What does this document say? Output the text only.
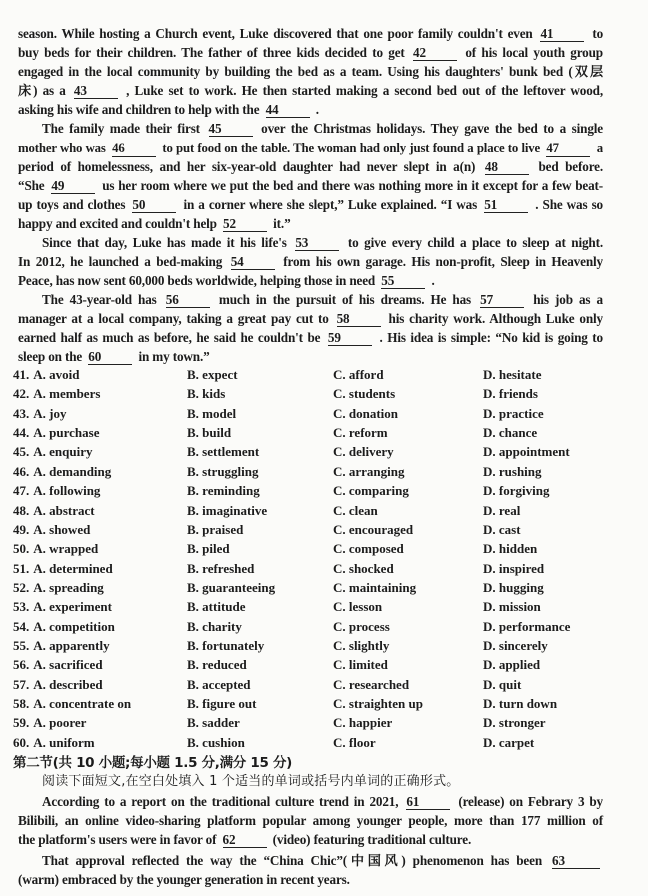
season. While hosting a Church event, Luke discovered that one poor family couldn't even 41	to
buy beds for their children. The father of three kids decided to get 42	of his local youth group
engaged in the local community by building the bed as a team. Using his daughters' bunk bed (双层
床) as a 43	, Luke set to work. He then started making a second bed out of the leftover wood,
asking his wife and children to help with the 44	.
The family made their first 45	over the Christmas holidays. They gave the bed to a single
mother who was 46	to put food on the table. The woman had only just found a place to live 47	a
period of homelessness, and her six-year-old daughter had never slept in a(n) 48	bed before.
“She 49	us her room where we put the bed and there was nothing more in it except for a few beat-
up toys and clothes 50	in a corner where she slept,” Luke explained. “I was 51	. She was so
happy and excited and couldn't help 52	it.”
Since that day, Luke has made it his life's 53	to give every child a place to sleep at night.
In 2012, he launched a bed-making 54	from his own garage. His non-profit, Sleep in Heavenly
Peace, has now sent 60,000 beds worldwide, helping those in need 55	.
The 43-year-old has 56	much in the pursuit of his dreams. He has 57	his job as a
manager at a local company, taking a great pay cut to 58	his charity work. Although Luke only
earned half as much as before, he said he couldn't be 59	. His idea is simple: “No kid is going to
sleep on the 60	in my town.”
41. A. avoid	B. expect	C. afford	D. hesitate
42. A. members	B. kids	C. students	D. friends
43. A. joy	B. model	C. donation	D. practice
44. A. purchase	B. build	C. reform	D. chance
45. A. enquiry	B. settlement	C. delivery	D. appointment
46. A. demanding	B. struggling	C. arranging	D. rushing
47. A. following	B. reminding	C. comparing	D. forgiving
48. A. abstract	B. imaginative	C. clean	D. real
49. A. showed	B. praised	C. encouraged	D. cast
50. A. wrapped	B. piled	C. composed	D. hidden
51. A. determined	B. refreshed	C. shocked	D. inspired
52. A. spreading	B. guaranteeing	C. maintaining	D. hugging
53. A. experiment	B. attitude	C. lesson	D. mission
54. A. competition	B. charity	C. process	D. performance
55. A. apparently	B. fortunately	C. slightly	D. sincerely
56. A. sacrificed	B. reduced	C. limited	D. applied
57. A. described	B. accepted	C. researched	D. quit
58. A. concentrate on	B. figure out	C. straighten up	D. turn down
59. A. poorer	B. sadder	C. happier	D. stronger
60. A. uniform	B. cushion	C. floor	D. carpet
第二节(共 10 小题;每小题 1.5 分,满分 15 分)
阅读下面短文,在空白处填入 1 个适当的单词或括号内单词的正确形式。
According to a report on the traditional culture trend in 2021, 61	(release) on Febrary 3 by
Bilibili, an online video-sharing platform popular among younger people, more than 177 million of
the platform's users were in favor of 62	(video) featuring traditional culture.
That approval reflected the way the “China Chic”(中国风) phenomenon has been 63
(warm) embraced by the younger generation in recent years.
